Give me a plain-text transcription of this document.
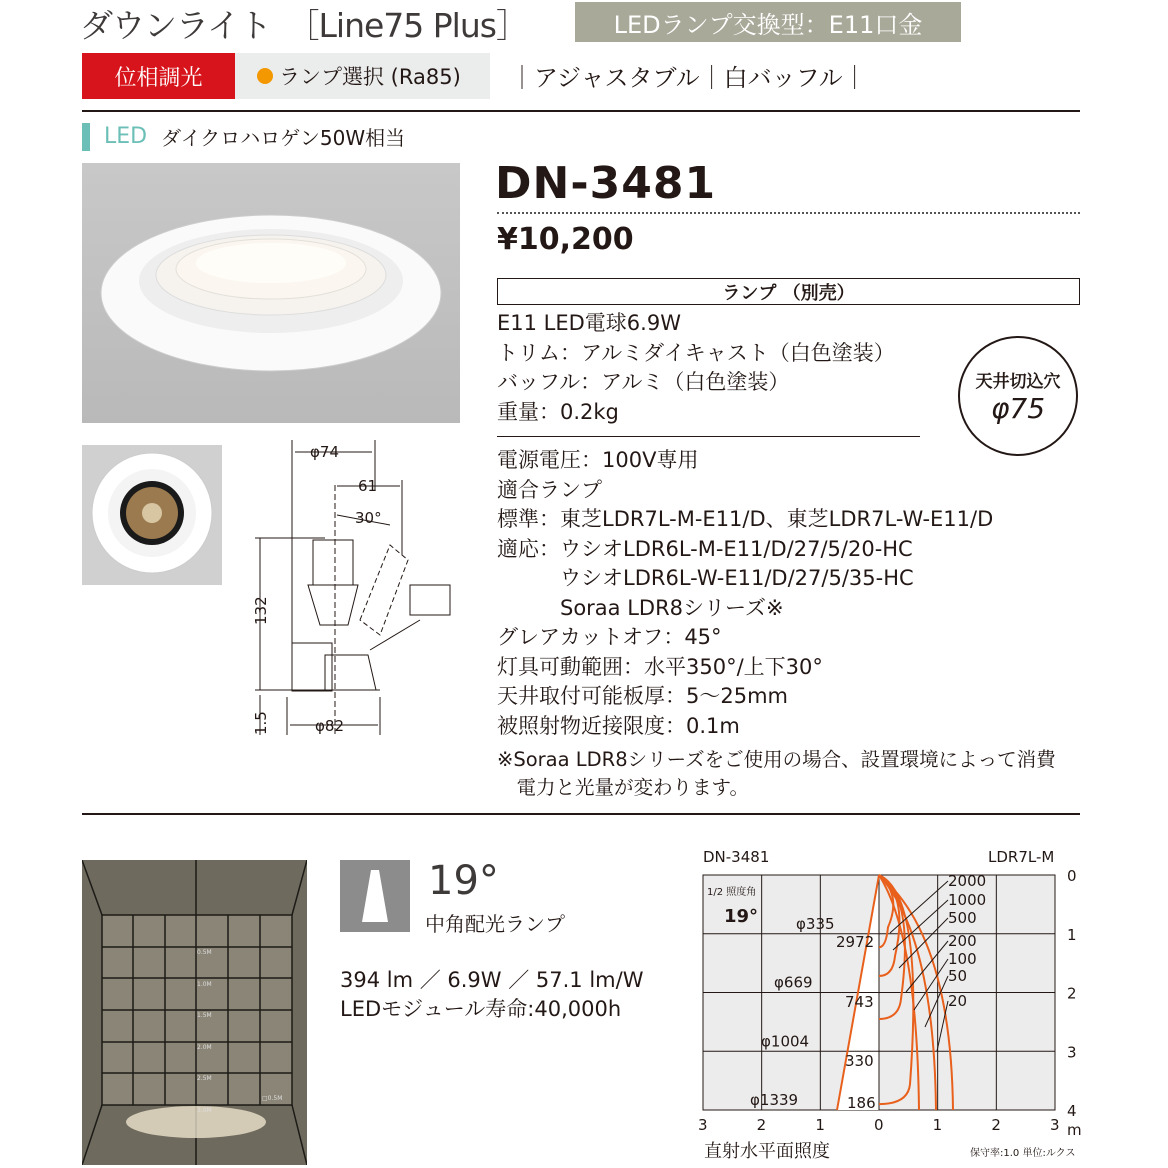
ダウンライト　［Line75 Plus］	LEDランプ交換型：E11口金
位相調光	ランプ選択 (Ra85) ｜アジャスタブル｜白バッフル｜
LED ダイクロハロゲン50W相当
φ74
61
30°
132
1.5	φ82
DN-3481
¥10,200
ランプ （別売）
E11 LED電球6.9W
トリム：アルミダイキャスト（白色塗装）
バッフル：アルミ（白色塗装）
重量：0.2kg
天井切込穴
φ75
電源電圧：100V専用
適合ランプ
標準：東芝LDR7L-M-E11/D、東芝LDR7L-W-E11/D
適応：ウシオLDR6L-M-E11/D/27/5/20-HC
　　　ウシオLDR6L-W-E11/D/27/5/35-HC
　　　Soraa LDR8シリーズ※
グレアカットオフ：45°
灯具可動範囲：水平350°/上下30°
天井取付可能板厚：5～25mm
被照射物近接限度：0.1m
※Soraa LDR8シリーズをご使用の場合、設置環境によって消費
　電力と光量が変わります。
0.5M
1.0M
1.5M
2.0M
2.5M
3.0M
□0.5M
19°
中角配光ランプ
394 lm ／ 6.9W ／ 57.1 lm/W
LEDモジュール寿命:40,000h
DN-3481	LDR7L-M
1/2 照度角
19°
直射水平面照度	保守率:1.0 単位:ルクス
m
2000
1000
500
200
100
50
20
0
1
2
3
4
3	2	1	0	1	2	3
φ335
φ669
φ1004
φ1339
2972
743
330
186
